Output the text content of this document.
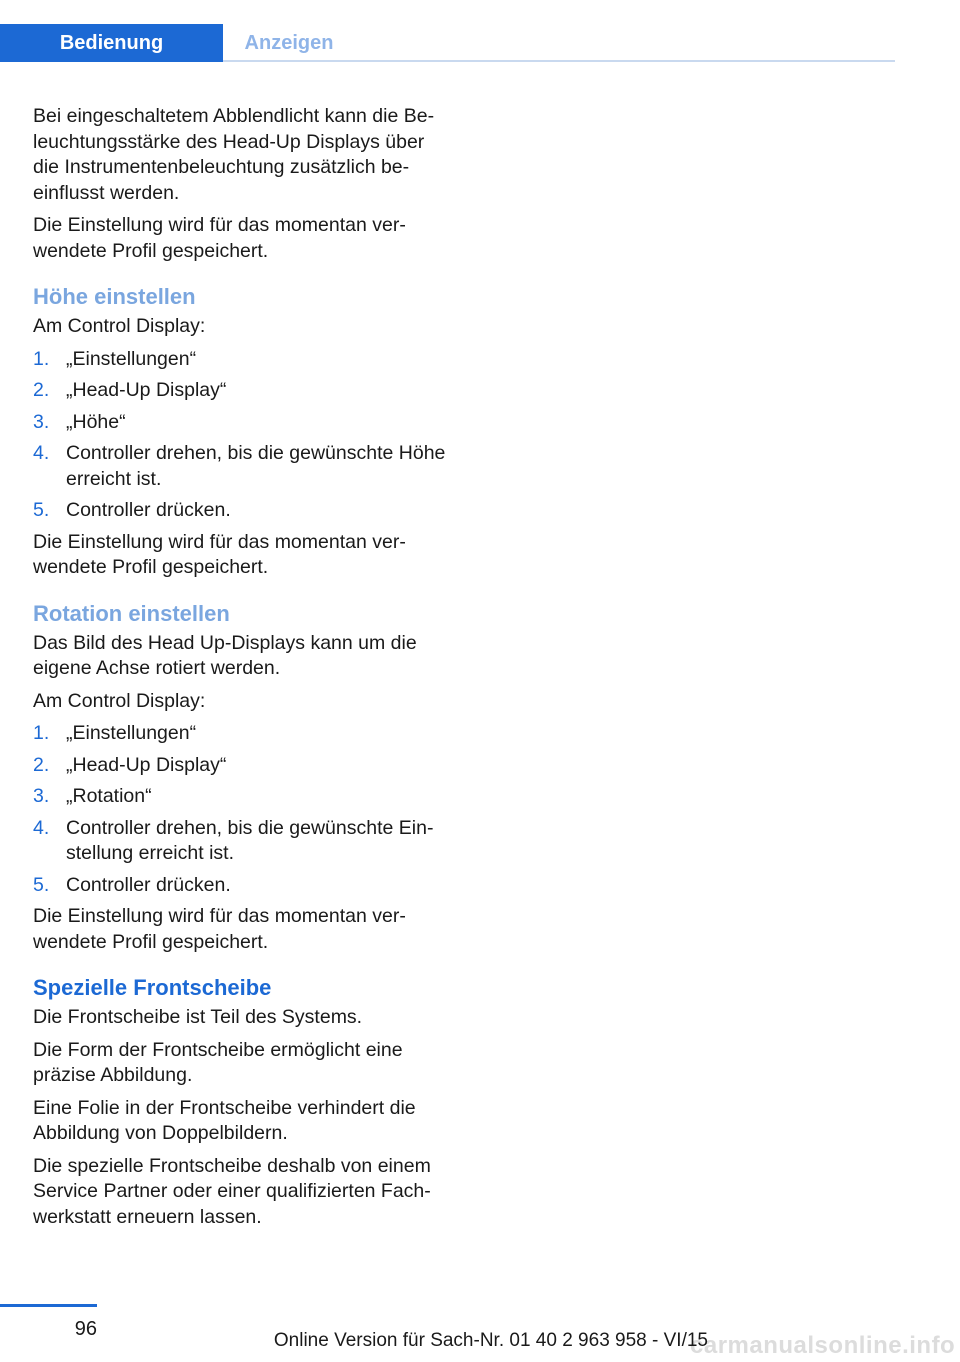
Bedienung	Anzeigen

Bei eingeschaltetem Abblendlicht kann die Beleuchtungsstärke des Head-Up Displays über die Instrumentenbeleuchtung zusätzlich beeinflusst werden.

Die Einstellung wird für das momentan verwendete Profil gespeichert.

Höhe einstellen

Am Control Display:

1. „Einstellungen“
2. „Head-Up Display“
3. „Höhe“
4. Controller drehen, bis die gewünschte Höhe erreicht ist.
5. Controller drücken.

Die Einstellung wird für das momentan verwendete Profil gespeichert.

Rotation einstellen

Das Bild des Head Up-Displays kann um die eigene Achse rotiert werden.

Am Control Display:

1. „Einstellungen“
2. „Head-Up Display“
3. „Rotation“
4. Controller drehen, bis die gewünschte Einstellung erreicht ist.
5. Controller drücken.

Die Einstellung wird für das momentan verwendete Profil gespeichert.

Spezielle Frontscheibe

Die Frontscheibe ist Teil des Systems.

Die Form der Frontscheibe ermöglicht eine präzise Abbildung.

Eine Folie in der Frontscheibe verhindert die Abbildung von Doppelbildern.

Die spezielle Frontscheibe deshalb von einem Service Partner oder einer qualifizierten Fachwerkstatt erneuern lassen.

96
carmanualsonline.info
Online Version für Sach-Nr. 01 40 2 963 958 - VI/15
